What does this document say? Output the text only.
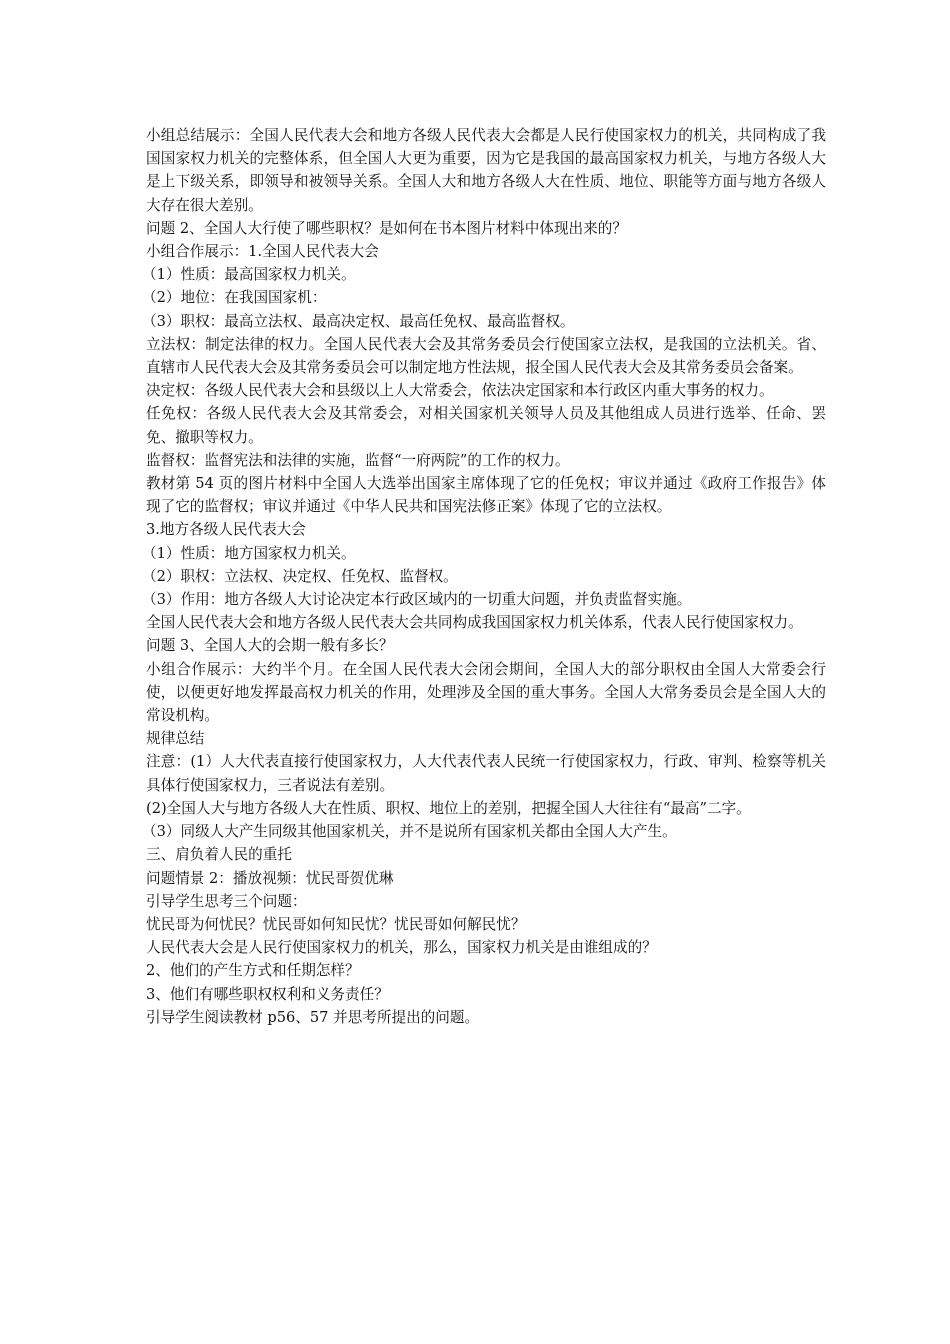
小组总结展示：全国人民代表大会和地方各级人民代表大会都是人民行使国家权力的机关，共同构成了我国国家权力机关的完整体系，但全国人大更为重要，因为它是我国的最高国家权力机关，与地方各级人大是上下级关系，即领导和被领导关系。全国人大和地方各级人大在性质、地位、职能等方面与地方各级人大存在很大差别。

问题 2、全国人大行使了哪些职权？是如何在书本图片材料中体现出来的？

小组合作展示：1.全国人民代表大会

（1）性质：最高国家权力机关。

（2）地位：在我国国家机：

（3）职权：最高立法权、最高决定权、最高任免权、最高监督权。

立法权：制定法律的权力。全国人民代表大会及其常务委员会行使国家立法权，是我国的立法机关。省、直辖市人民代表大会及其常务委员会可以制定地方性法规，报全国人民代表大会及其常务委员会备案。

决定权：各级人民代表大会和县级以上人大常委会，依法决定国家和本行政区内重大事务的权力。

任免权：各级人民代表大会及其常委会，对相关国家机关领导人员及其他组成人员进行选举、任命、罢免、撤职等权力。

监督权：监督宪法和法律的实施，监督“一府两院”的工作的权力。

教材第 54 页的图片材料中全国人大选举出国家主席体现了它的任免权；审议并通过《政府工作报告》体现了它的监督权；审议并通过《中华人民共和国宪法修正案》体现了它的立法权。

3.地方各级人民代表大会

（1）性质：地方国家权力机关。

（2）职权：立法权、决定权、任免权、监督权。

（3）作用：地方各级人大讨论决定本行政区域内的一切重大问题，并负责监督实施。

全国人民代表大会和地方各级人民代表大会共同构成我国国家权力机关体系，代表人民行使国家权力。

问题 3、全国人大的会期一般有多长？

小组合作展示：大约半个月。在全国人民代表大会闭会期间，全国人大的部分职权由全国人大常委会行使，以便更好地发挥最高权力机关的作用，处理涉及全国的重大事务。全国人大常务委员会是全国人大的常设机构。

规律总结

注意：(1）人大代表直接行使国家权力，人大代表代表人民统一行使国家权力，行政、审判、检察等机关具体行使国家权力，三者说法有差别。

(2)全国人大与地方各级人大在性质、职权、地位上的差别，把握全国人大往往有“最高”二字。

（3）同级人大产生同级其他国家机关，并不是说所有国家机关都由全国人大产生。

三、肩负着人民的重托

问题情景 2：播放视频：忧民哥贺优琳

引导学生思考三个问题：

忧民哥为何忧民？忧民哥如何知民忧？忧民哥如何解民忧？

人民代表大会是人民行使国家权力的机关，那么，国家权力机关是由谁组成的？

2、他们的产生方式和任期怎样？

3、他们有哪些职权权利和义务责任？

引导学生阅读教材 p56、57 并思考所提出的问题。
